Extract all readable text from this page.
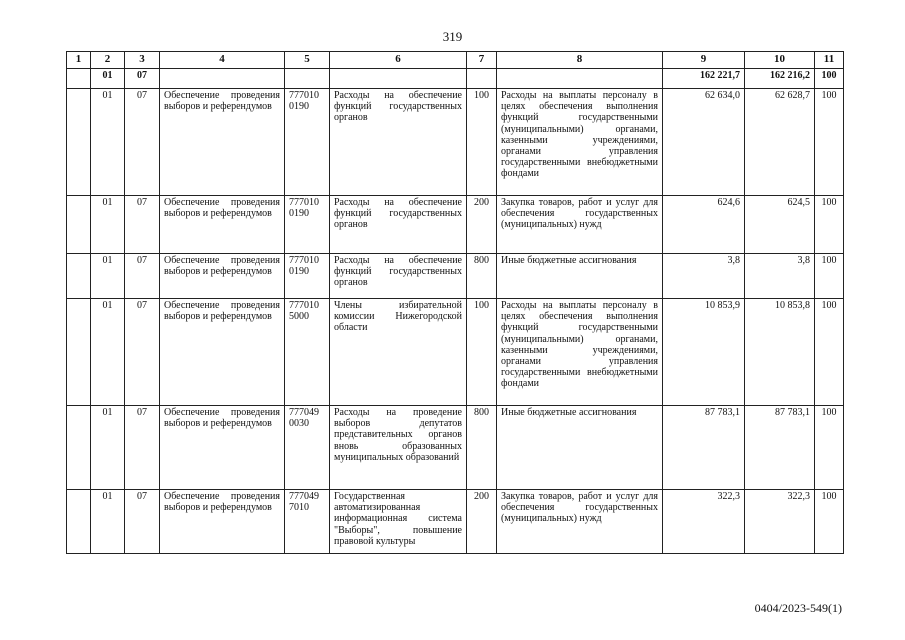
319
1	2	3	4	5	6	7	8	9	10	11
	01	07						162 221,7	162 216,2	100
	01	07	Обеспечение проведения выборов и референдумов	777010 0190	Расходы на обеспечение функций государственных органов	100	Расходы на выплаты персоналу в целях обеспечения выполнения функций государственными (муниципальными) органами, казенными учреждениями, органами управления государственными внебюджетными фондами	62 634,0	62 628,7	100
	01	07	Обеспечение проведения выборов и референдумов	777010 0190	Расходы на обеспечение функций государственных органов	200	Закупка товаров, работ и услуг для обеспечения государственных (муниципальных) нужд	624,6	624,5	100
	01	07	Обеспечение проведения выборов и референдумов	777010 0190	Расходы на обеспечение функций государственных органов	800	Иные бюджетные ассигнования	3,8	3,8	100
	01	07	Обеспечение проведения выборов и референдумов	777010 5000	Члены избирательной комиссии Нижегородской области	100	Расходы на выплаты персоналу в целях обеспечения выполнения функций государственными (муниципальными) органами, казенными учреждениями, органами управления государственными внебюджетными фондами	10 853,9	10 853,8	100
	01	07	Обеспечение проведения выборов и референдумов	777049 0030	Расходы на проведение выборов депутатов представительных органов вновь образованных муниципальных образований	800	Иные бюджетные ассигнования	87 783,1	87 783,1	100
	01	07	Обеспечение проведения выборов и референдумов	777049 7010	Государственная автоматизированная информационная система "Выборы", повышение правовой культуры	200	Закупка товаров, работ и услуг для обеспечения государственных (муниципальных) нужд	322,3	322,3	100
0404/2023-549(1)
